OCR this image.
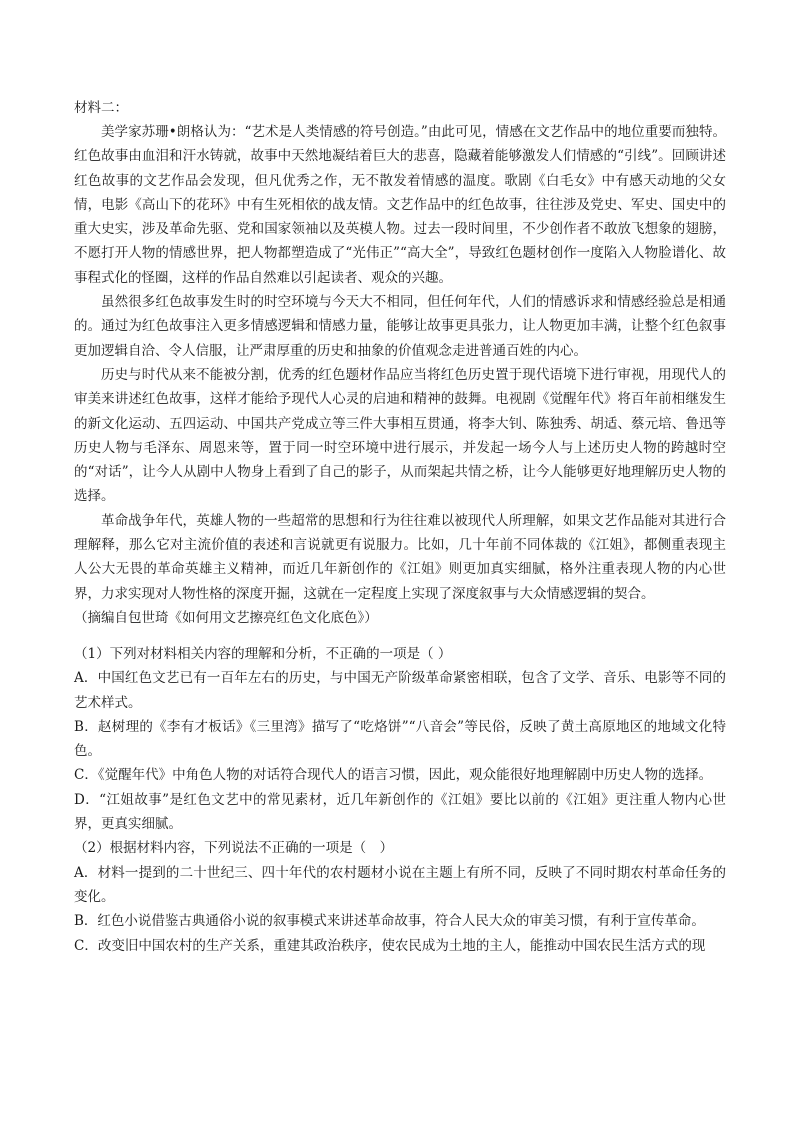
材料二：

美学家苏珊•朗格认为：“艺术是人类情感的符号创造。”由此可见，情感在文艺作品中的地位重要而独特。红色故事由血泪和汗水铸就，故事中天然地凝结着巨大的悲喜，隐藏着能够激发人们情感的“引线”。回顾讲述红色故事的文艺作品会发现，但凡优秀之作，无不散发着情感的温度。歌剧《白毛女》中有感天动地的父女情，电影《高山下的花环》中有生死相依的战友情。文艺作品中的红色故事，往往涉及党史、军史、国史中的重大史实，涉及革命先驱、党和国家领袖以及英模人物。过去一段时间里，不少创作者不敢放飞想象的翅膀，不愿打开人物的情感世界，把人物都塑造成了“光伟正”“高大全”，导致红色题材创作一度陷入人物脸谱化、故事程式化的怪圈，这样的作品自然难以引起读者、观众的兴趣。

虽然很多红色故事发生时的时空环境与今天大不相同，但任何年代，人们的情感诉求和情感经验总是相通的。通过为红色故事注入更多情感逻辑和情感力量，能够让故事更具张力，让人物更加丰满，让整个红色叙事更加逻辑自洽、令人信服，让严肃厚重的历史和抽象的价值观念走进普通百姓的内心。

历史与时代从来不能被分割，优秀的红色题材作品应当将红色历史置于现代语境下进行审视，用现代人的审美来讲述红色故事，这样才能给予现代人心灵的启迪和精神的鼓舞。电视剧《觉醒年代》将百年前相继发生的新文化运动、五四运动、中国共产党成立等三件大事相互贯通，将李大钊、陈独秀、胡适、蔡元培、鲁迅等历史人物与毛泽东、周恩来等，置于同一时空环境中进行展示，并发起一场今人与上述历史人物的跨越时空的“对话”，让今人从剧中人物身上看到了自己的影子，从而架起共情之桥，让今人能够更好地理解历史人物的选择。

革命战争年代，英雄人物的一些超常的思想和行为往往难以被现代人所理解，如果文艺作品能对其进行合理解释，那么它对主流价值的表述和言说就更有说服力。比如，几十年前不同体裁的《江姐》，都侧重表现主人公大无畏的革命英雄主义精神，而近几年新创作的《江姐》则更加真实细腻，格外注重表现人物的内心世界，力求实现对人物性格的深度开掘，这就在一定程度上实现了深度叙事与大众情感逻辑的契合。

（摘编自包世琦《如何用文艺擦亮红色文化底色》）

（1）下列对材料相关内容的理解和分析，不正确的一项是（ ）

A．中国红色文艺已有一百年左右的历史，与中国无产阶级革命紧密相联，包含了文学、音乐、电影等不同的艺术样式。

B．赵树理的《李有才板话》《三里湾》描写了“吃烙饼”“八音会”等民俗，反映了黄土高原地区的地域文化特色。

C．《觉醒年代》中角色人物的对话符合现代人的语言习惯，因此，观众能很好地理解剧中历史人物的选择。

D．“江姐故事”是红色文艺中的常见素材，近几年新创作的《江姐》要比以前的《江姐》更注重人物内心世界，更真实细腻。

（2）根据材料内容，下列说法不正确的一项是（　）

A．材料一提到的二十世纪三、四十年代的农村题材小说在主题上有所不同，反映了不同时期农村革命任务的变化。

B．红色小说借鉴古典通俗小说的叙事模式来讲述革命故事，符合人民大众的审美习惯，有利于宣传革命。

C．改变旧中国农村的生产关系，重建其政治秩序，使农民成为土地的主人，能推动中国农民生活方式的现
